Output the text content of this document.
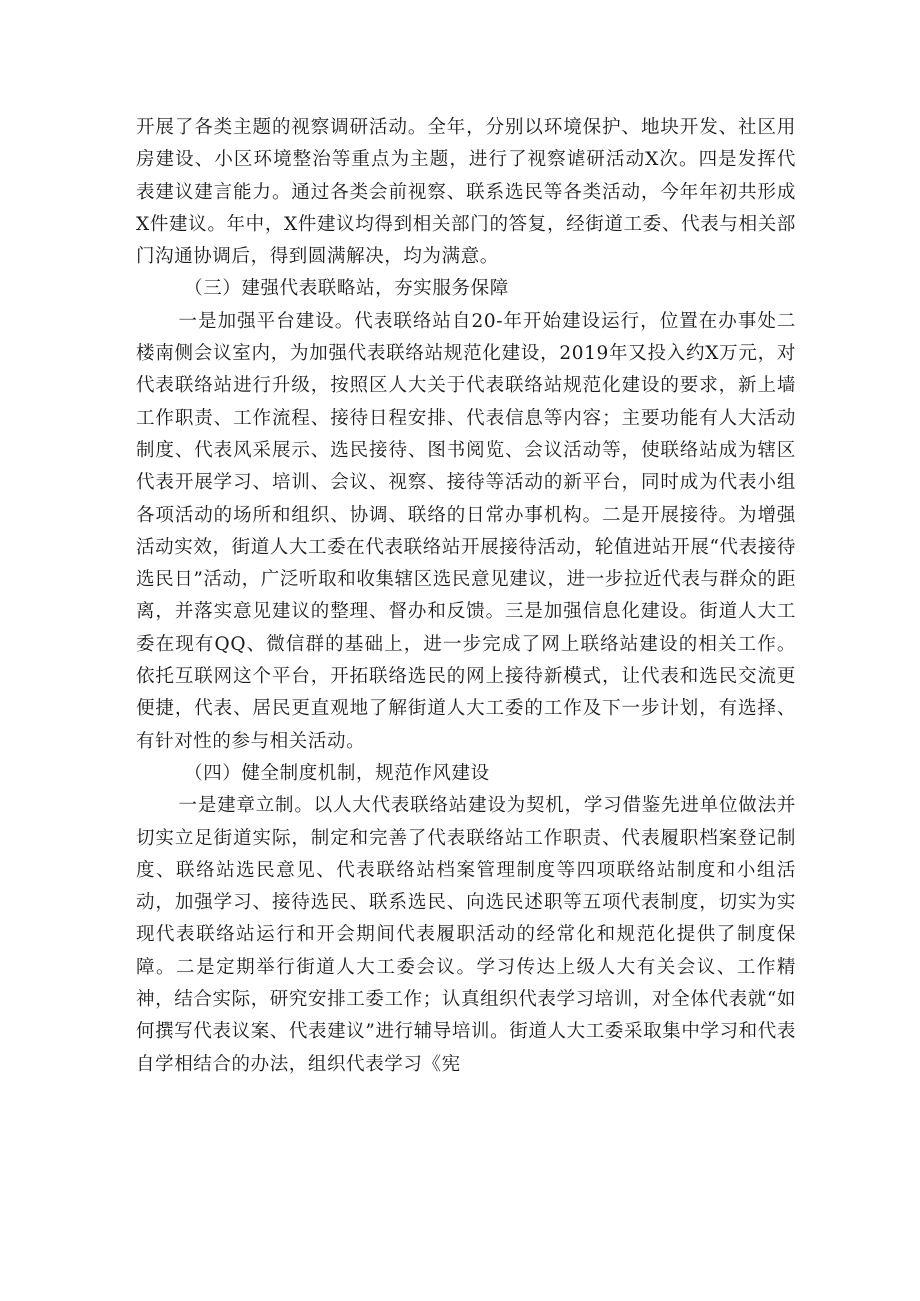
开展了各类主题的视察调研活动。全年，分别以环境保护、地块开发、社区用房建设、小区环境整治等重点为主题，进行了视察谑研活动X次。四是发挥代表建议建言能力。通过各类会前视察、联系选民等各类活动，今年年初共形成X件建议。年中，X件建议均得到相关部门的答复，经街道工委、代表与相关部门沟通协调后，得到圆满解决，均为满意。

（三）建强代表联略站，夯实服务保障

一是加强平台建设。代表联络站自20-年开始建设运行，位置在办事处二楼南侧会议室内，为加强代表联络站规范化建设，2019年又投入约X万元，对代表联络站进行升级，按照区人大关于代表联络站规范化建设的要求，新上墙工作职责、工作流程、接待日程安排、代表信息等内容；主要功能有人大活动制度、代表风采展示、选民接待、图书阅览、会议活动等，使联络站成为辖区代表开展学习、培训、会议、视察、接待等活动的新平台，同时成为代表小组各项活动的场所和组织、协调、联络的日常办事机构。二是开展接待。为增强活动实效，街道人大工委在代表联络站开展接待活动，轮值进站开展“代表接待选民日”活动，广泛听取和收集辖区选民意见建议，进一步拉近代表与群众的距离，并落实意见建议的整理、督办和反馈。三是加强信息化建设。街道人大工委在现有QQ、微信群的基础上，进一步完成了网上联络站建设的相关工作。依托互联网这个平台，开拓联络选民的网上接待新模式，让代表和选民交流更便捷，代表、居民更直观地了解街道人大工委的工作及下一步计划，有选择、有针对性的参与相关活动。

（四）健全制度机制，规范作风建设

一是建章立制。以人大代表联络站建设为契机，学习借鉴先进单位做法并切实立足街道实际，制定和完善了代表联络站工作职责、代表履职档案登记制度、联络站选民意见、代表联络站档案管理制度等四项联络站制度和小组活动，加强学习、接待选民、联系选民、向选民述职等五项代表制度，切实为实现代表联络站运行和开会期间代表履职活动的经常化和规范化提供了制度保障。二是定期举行街道人大工委会议。学习传达上级人大有关会议、工作精神，结合实际，研究安排工委工作；认真组织代表学习培训，对全体代表就“如何撰写代表议案、代表建议”进行辅导培训。街道人大工委采取集中学习和代表自学相结合的办法，组织代表学习《宪
